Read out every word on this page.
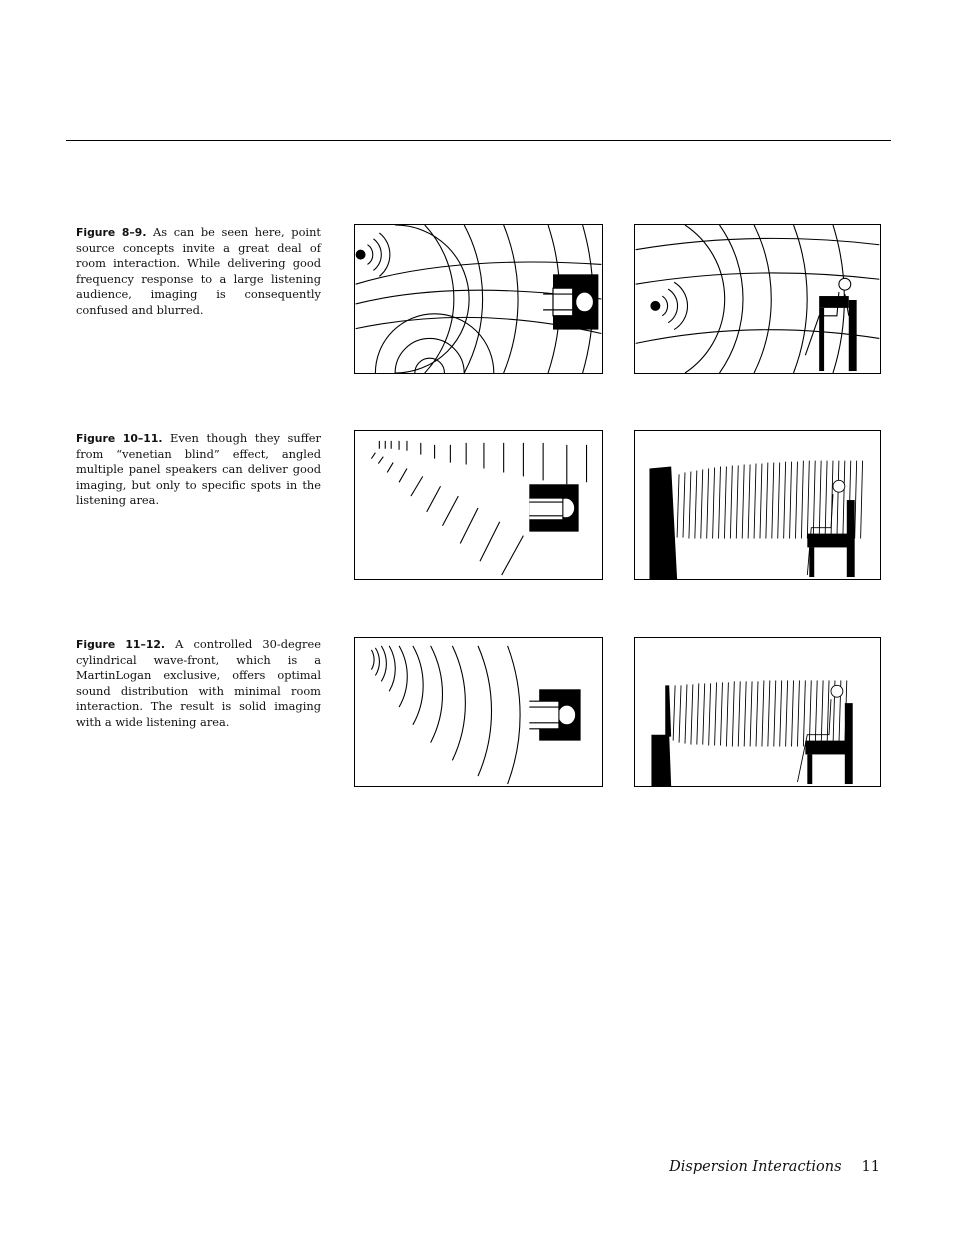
Figure 8–9. As can be seen here, point source concepts invite a great deal of room interaction. While delivering good frequency response to a large listening audience, imaging is consequently confused and blurred.

Figure 10–11. Even though they suffer from “venetian blind” effect, angled multiple panel speakers can deliver good imaging, but only to specific spots in the listening area.

Figure 11–12. A controlled 30-degree cylindrical wave-front, which is a MartinLogan exclusive, offers optimal sound distribution with minimal room interaction. The result is solid imaging with a wide listening area.

Dispersion Interactions 11
